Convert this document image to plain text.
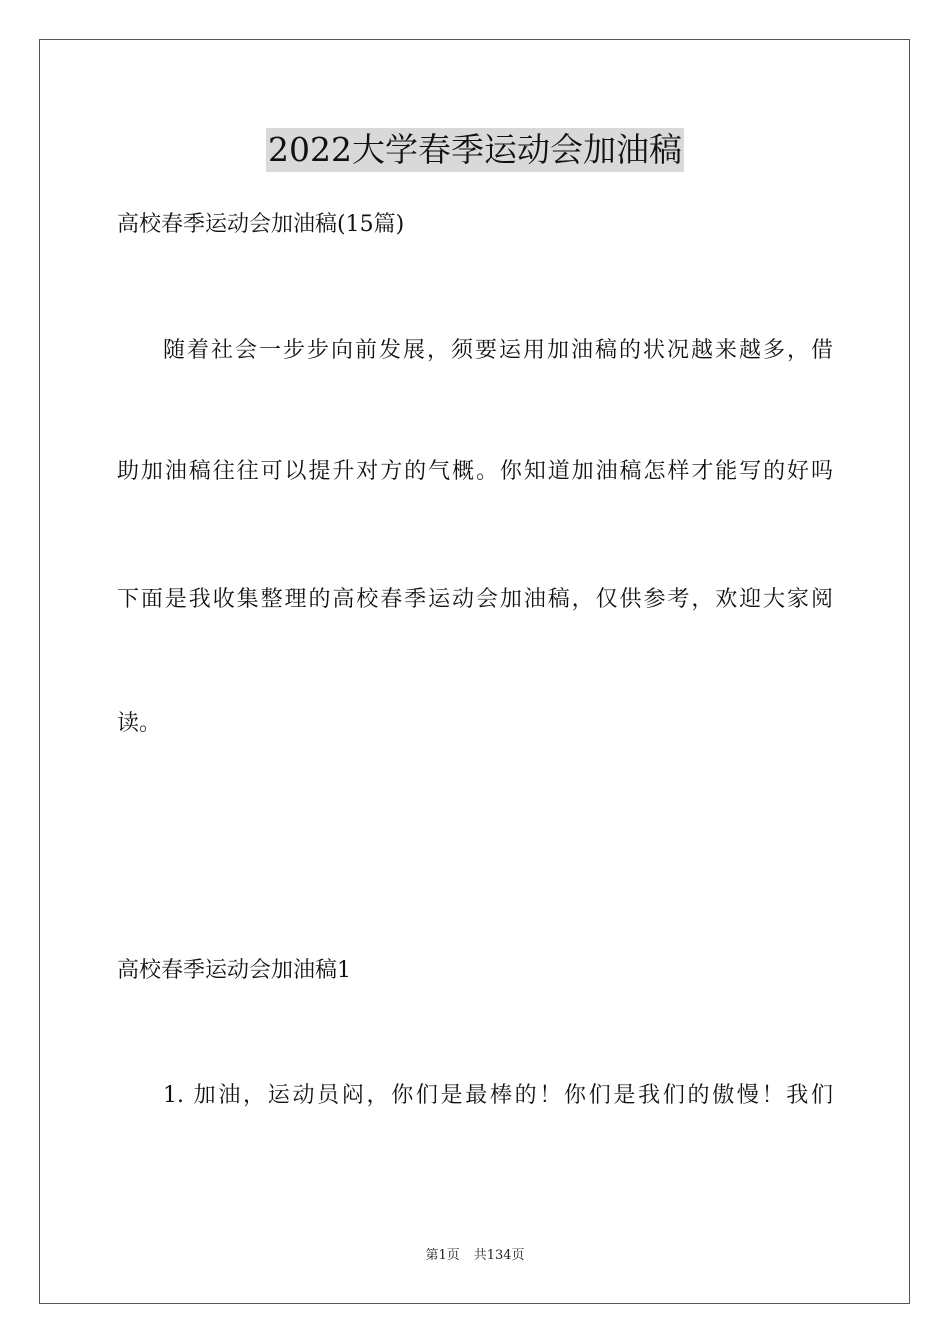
2022大学春季运动会加油稿
高校春季运动会加油稿(15篇)
随着社会一步步向前发展，须要运用加油稿的状况越来越多，借
助加油稿往往可以提升对方的气概。你知道加油稿怎样才能写的好吗
下面是我收集整理的高校春季运动会加油稿，仅供参考，欢迎大家阅
读。
高校春季运动会加油稿1
1. 加油，运动员闷，你们是最棒的！你们是我们的傲慢！我们
第1页 共134页
